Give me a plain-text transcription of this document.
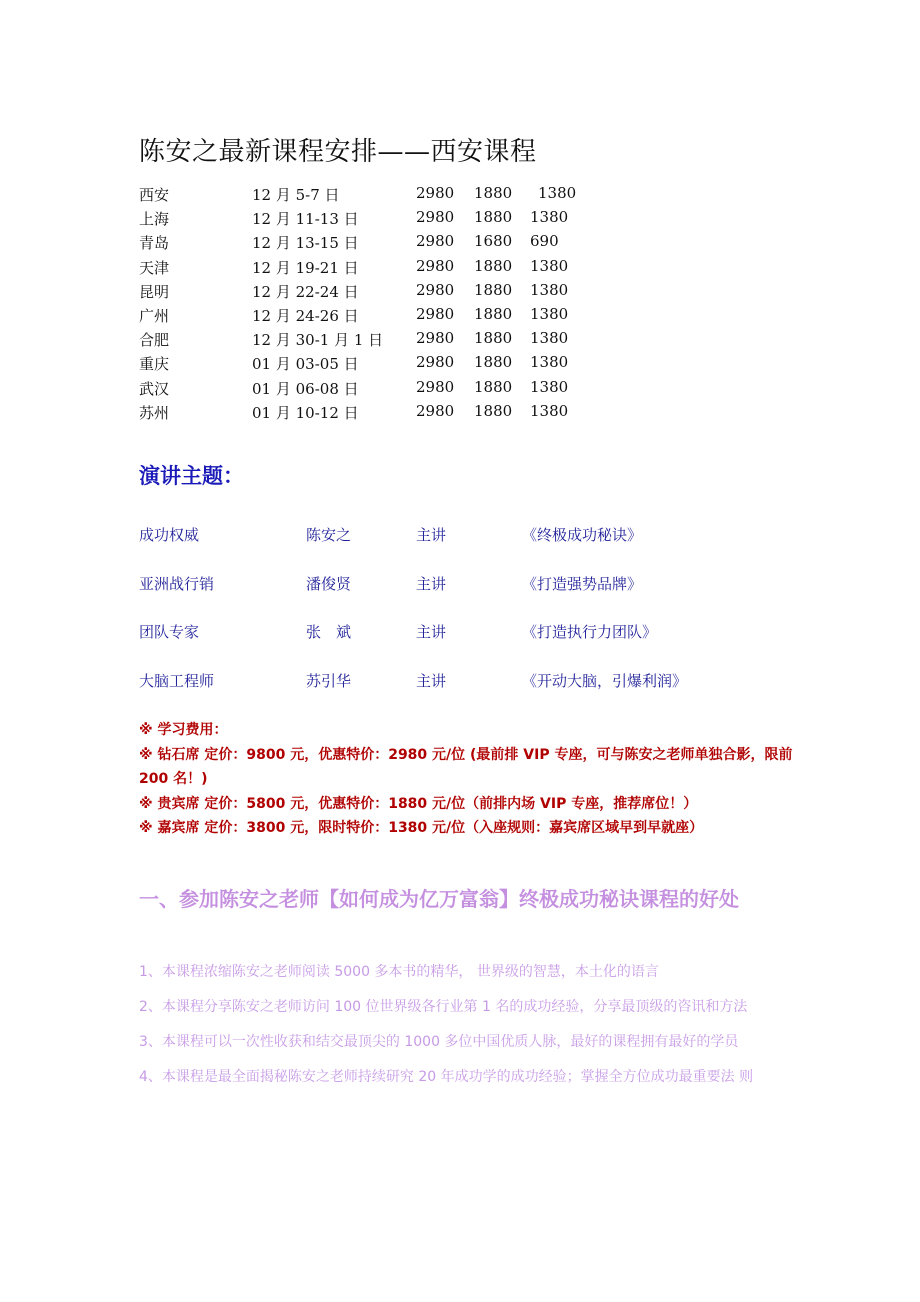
陈安之最新课程安排——西安课程
西安	12 月 5-7 日	2980 1880 1380
上海	12 月 11-13 日	2980 1880 1380
青岛	12 月 13-15 日	2980 1680 690
天津	12 月 19-21 日	2980 1880 1380
昆明	12 月 22-24 日	2980 1880 1380
广州	12 月 24-26 日	2980 1880 1380
合肥	12 月 30-1 月 1 日 2980 1880 1380
重庆	01 月 03-05 日	2980 1880 1380
武汉	01 月 06-08 日	2980 1880 1380
苏州	01 月 10-12 日	2980 1880 1380
演讲主题：
成功权威	陈安之	主讲	《终极成功秘诀》
亚洲战行销	潘俊贤	主讲	《打造强势品牌》
团队专家	张　斌	主讲	《打造执行力团队》
大脑工程师	苏引华	主讲	《开动大脑，引爆利润》
※ 学习费用：
※ 钻石席 定价：9800 元，优惠特价：2980 元/位 (最前排 VIP 专座，可与陈安之老师单独合影，限前 200 名！)
※ 贵宾席 定价：5800 元，优惠特价：1880 元/位（前排内场 VIP 专座，推荐席位！）
※ 嘉宾席 定价：3800 元，限时特价：1380 元/位（入座规则：嘉宾席区域早到早就座）
一、参加陈安之老师【如何成为亿万富翁】终极成功秘诀课程的好处
1、本课程浓缩陈安之老师阅读 5000 多本书的精华， 世界级的智慧，本土化的语言
2、本课程分享陈安之老师访问 100 位世界级各行业第 1 名的成功经验，分享最顶级的咨讯和方法
3、本课程可以一次性收获和结交最顶尖的 1000 多位中国优质人脉，最好的课程拥有最好的学员
4、本课程是最全面揭秘陈安之老师持续研究 20 年成功学的成功经验；掌握全方位成功最重要法 则
